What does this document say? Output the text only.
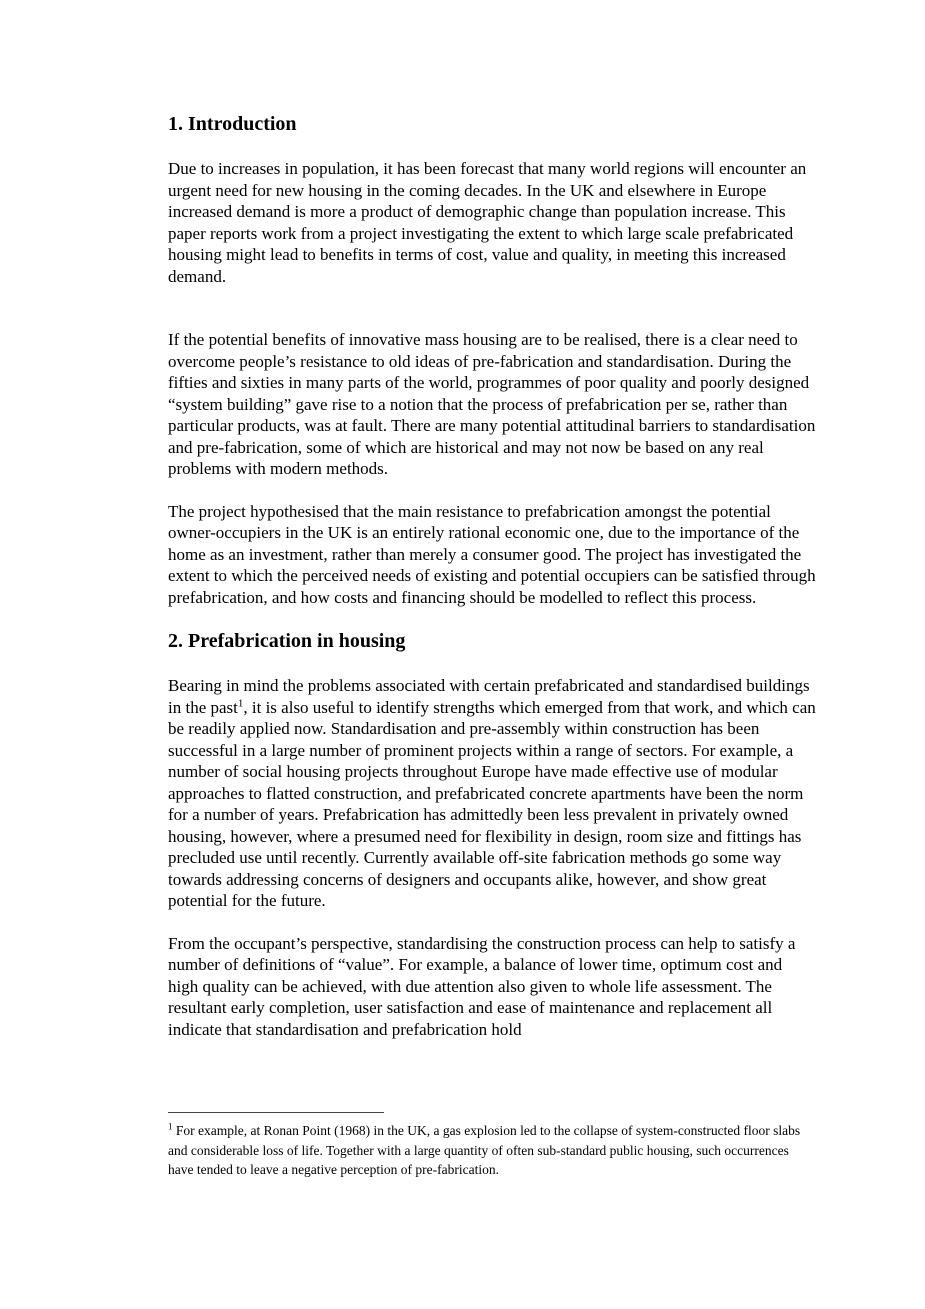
1. Introduction

Due to increases in population, it has been forecast that many world regions will encounter an urgent need for new housing in the coming decades. In the UK and elsewhere in Europe increased demand is more a product of demographic change than population increase. This paper reports work from a project investigating the extent to which large scale prefabricated housing might lead to benefits in terms of cost, value and quality, in meeting this increased demand.

If the potential benefits of innovative mass housing are to be realised, there is a clear need to overcome people’s resistance to old ideas of pre-fabrication and standardisation. During the fifties and sixties in many parts of the world, programmes of poor quality and poorly designed “system building” gave rise to a notion that the process of prefabrication per se, rather than particular products, was at fault. There are many potential attitudinal barriers to standardisation and pre-fabrication, some of which are historical and may not now be based on any real problems with modern methods.

The project hypothesised that the main resistance to prefabrication amongst the potential owner-occupiers in the UK is an entirely rational economic one, due to the importance of the home as an investment, rather than merely a consumer good. The project has investigated the extent to which the perceived needs of existing and potential occupiers can be satisfied through prefabrication, and how costs and financing should be modelled to reflect this process.

2. Prefabrication in housing

Bearing in mind the problems associated with certain prefabricated and standardised buildings in the past$^1$, it is also useful to identify strengths which emerged from that work, and which can be readily applied now. Standardisation and pre-assembly within construction has been successful in a large number of prominent projects within a range of sectors. For example, a number of social housing projects throughout Europe have made effective use of modular approaches to flatted construction, and prefabricated concrete apartments have been the norm for a number of years. Prefabrication has admittedly been less prevalent in privately owned housing, however, where a presumed need for flexibility in design, room size and fittings has precluded use until recently. Currently available off-site fabrication methods go some way towards addressing concerns of designers and occupants alike, however, and show great potential for the future.

From the occupant’s perspective, standardising the construction process can help to satisfy a number of definitions of “value”. For example, a balance of lower time, optimum cost and high quality can be achieved, with due attention also given to whole life assessment. The resultant early completion, user satisfaction and ease of maintenance and replacement all indicate that standardisation and prefabrication hold

$^1$ For example, at Ronan Point (1968) in the UK, a gas explosion led to the collapse of system-constructed floor slabs and considerable loss of life. Together with a large quantity of often sub-standard public housing, such occurrences have tended to leave a negative perception of pre-fabrication.
